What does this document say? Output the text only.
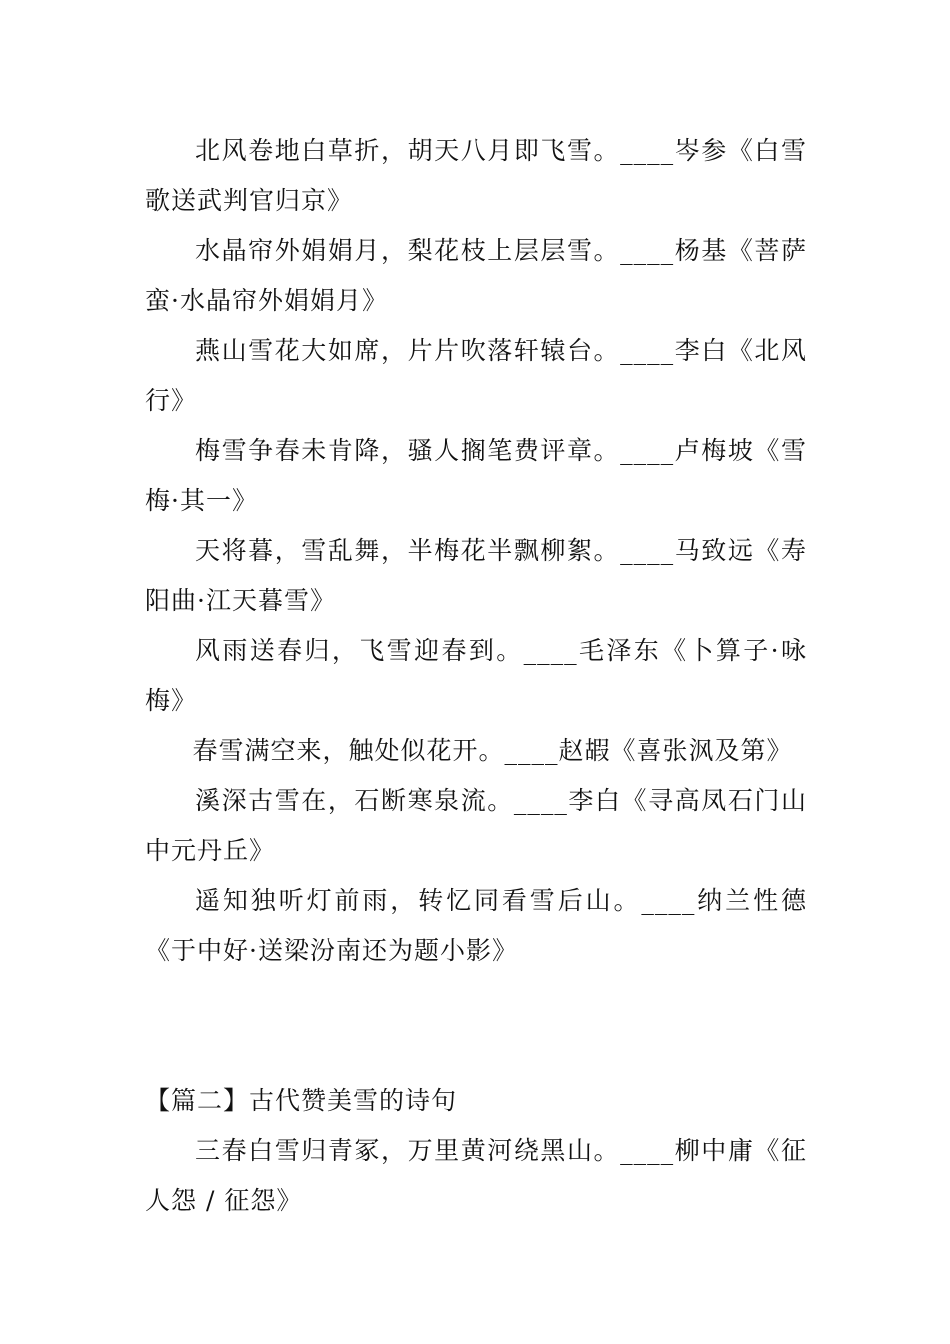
北风卷地白草折，胡天八月即飞雪。____岑参《白雪歌送武判官归京》

水晶帘外娟娟月，梨花枝上层层雪。____杨基《菩萨蛮·水晶帘外娟娟月》

燕山雪花大如席，片片吹落轩辕台。____李白《北风行》

梅雪争春未肯降，骚人搁笔费评章。____卢梅坡《雪梅·其一》

天将暮，雪乱舞，半梅花半飘柳絮。____马致远《寿阳曲·江天暮雪》

风雨送春归，飞雪迎春到。____毛泽东《卜算子·咏梅》

春雪满空来，触处似花开。____赵嘏《喜张沨及第》

溪深古雪在，石断寒泉流。____李白《寻高凤石门山中元丹丘》

遥知独听灯前雨，转忆同看雪后山。____纳兰性德《于中好·送梁汾南还为题小影》

【篇二】古代赞美雪的诗句

三春白雪归青冢，万里黄河绕黑山。____柳中庸《征人怨 / 征怨》
